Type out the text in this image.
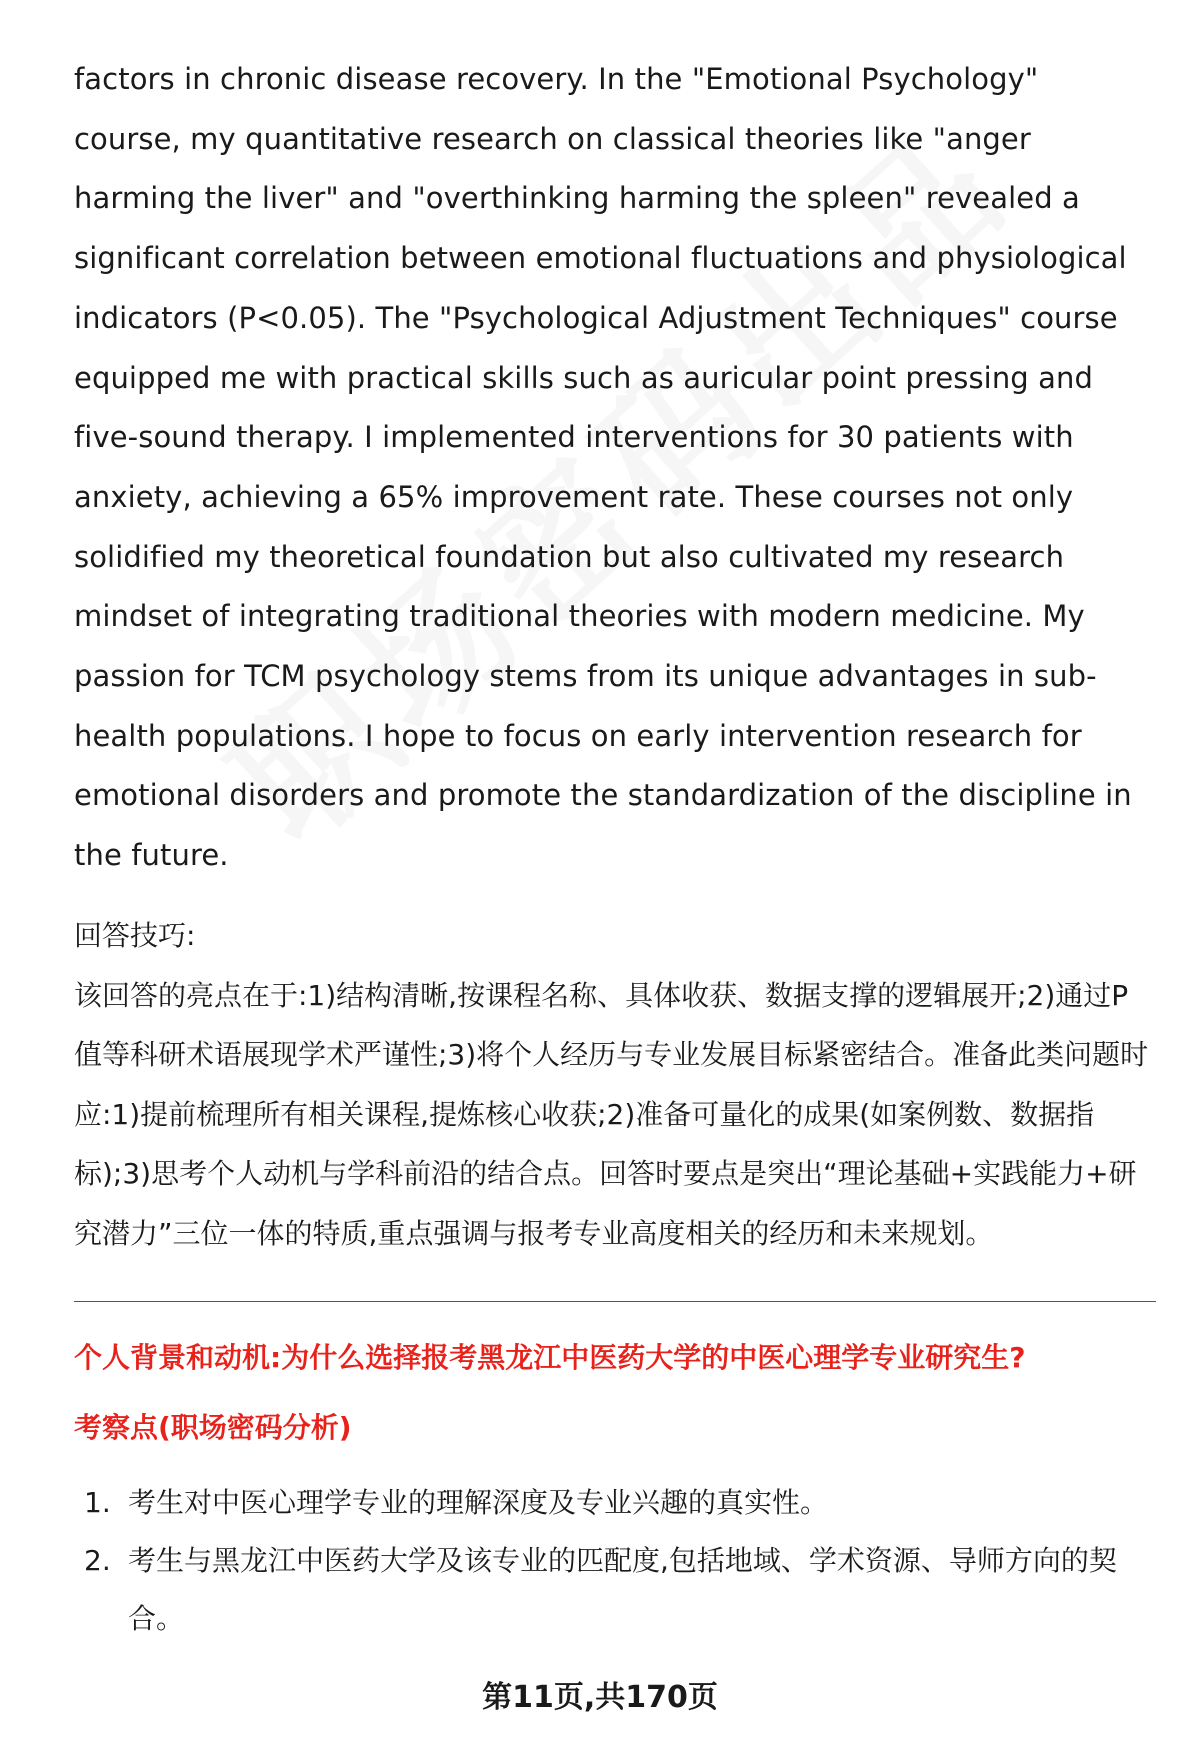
factors in chronic disease recovery. In the "Emotional Psychology" course, my quantitative research on classical theories like "anger harming the liver" and "overthinking harming the spleen" revealed a significant correlation between emotional fluctuations and physiological indicators (P<0.05). The "Psychological Adjustment Techniques" course equipped me with practical skills such as auricular point pressing and five-sound therapy. I implemented interventions for 30 patients with anxiety, achieving a 65% improvement rate. These courses not only solidified my theoretical foundation but also cultivated my research mindset of integrating traditional theories with modern medicine. My passion for TCM psychology stems from its unique advantages in sub-health populations. I hope to focus on early intervention research for emotional disorders and promote the standardization of the discipline in the future.

回答技巧:

该回答的亮点在于:1)结构清晰,按课程名称、具体收获、数据支撑的逻辑展开;2)通过P值等科研术语展现学术严谨性;3)将个人经历与专业发展目标紧密结合。准备此类问题时应:1)提前梳理所有相关课程,提炼核心收获;2)准备可量化的成果(如案例数、数据指标);3)思考个人动机与学科前沿的结合点。回答时要点是突出“理论基础+实践能力+研究潜力”三位一体的特质,重点强调与报考专业高度相关的经历和未来规划。

个人背景和动机:为什么选择报考黑龙江中医药大学的中医心理学专业研究生?
考察点(职场密码分析)
1. 考生对中医心理学专业的理解深度及专业兴趣的真实性。
2. 考生与黑龙江中医药大学及该专业的匹配度,包括地域、学术资源、导师方向的契合。
第11页,共170页
